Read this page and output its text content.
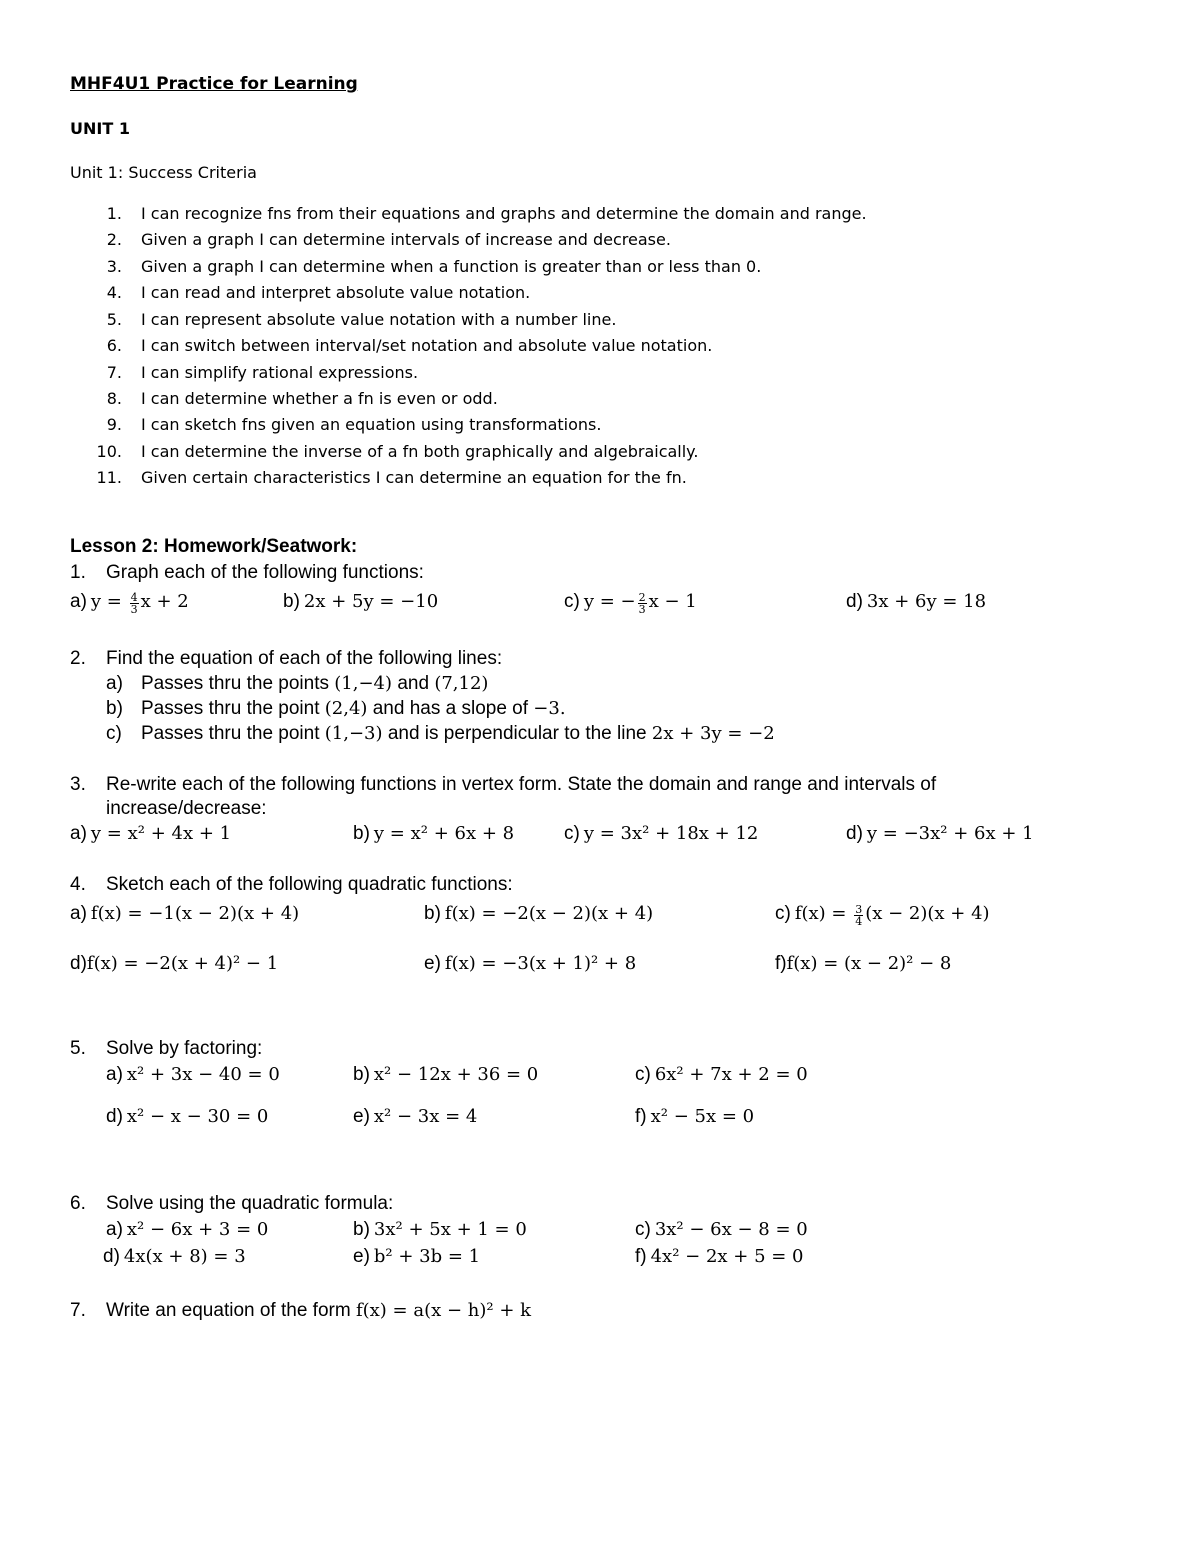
MHF4U1 Practice for Learning
UNIT 1
Unit 1: Success Criteria
1. I can recognize fns from their equations and graphs and determine the domain and range.
2. Given a graph I can determine intervals of increase and decrease.
3. Given a graph I can determine when a function is greater than or less than 0.
4. I can read and interpret absolute value notation.
5. I can represent absolute value notation with a number line.
6. I can switch between interval/set notation and absolute value notation.
7. I can simplify rational expressions.
8. I can determine whether a fn is even or odd.
9. I can sketch fns given an equation using transformations.
10. I can determine the inverse of a fn both graphically and algebraically.
11. Given certain characteristics I can determine an equation for the fn.
Lesson 2: Homework/Seatwork:
1. Graph each of the following functions:
a) $y = \frac{4}{3}$ x + 2	b) 2x + 5y = −10	c) y = − $\frac{2}{3}$ x − 1	d) 3x + 6y = 18
2. Find the equation of each of the following lines:
a) Passes thru the points (1,−4) and (7,12)
b) Passes thru the point (2,4) and has a slope of −3.
c) Passes thru the point (1,−3) and is perpendicular to the line 2x + 3y = −2
3. Re-write each of the following functions in vertex form. State the domain and range and intervals of
increase/decrease:
a) y = x² + 4x + 1	b) y = x² + 6x + 8	c) y = 3x² + 18x + 12	d) y = −3x² + 6x + 1
4. Sketch each of the following quadratic functions:
a) f(x) = −1(x − 2)(x + 4)	b) f(x) = −2(x − 2)(x + 4)	c) $f(x) = \frac{3}{4} (x - 2)(x + 4)$
d)f(x) = −2(x + 4)² − 1	e) f(x) = −3(x + 1)² + 8	f)f(x) = (x − 2)² − 8
5. Solve by factoring:
a) x² + 3x − 40 = 0	b) x² − 12x + 36 = 0	c) 6x² + 7x + 2 = 0
d) x² − x − 30 = 0	e) x² − 3x = 4	f) x² − 5x = 0
6. Solve using the quadratic formula:
a) x² − 6x + 3 = 0	b) 3x² + 5x + 1 = 0	c) 3x² − 6x − 8 = 0
d) 4x(x + 8) = 3	e) b² + 3b = 1	f) 4x² − 2x + 5 = 0
7. Write an equation of the form f(x) = a(x − h)² + k
